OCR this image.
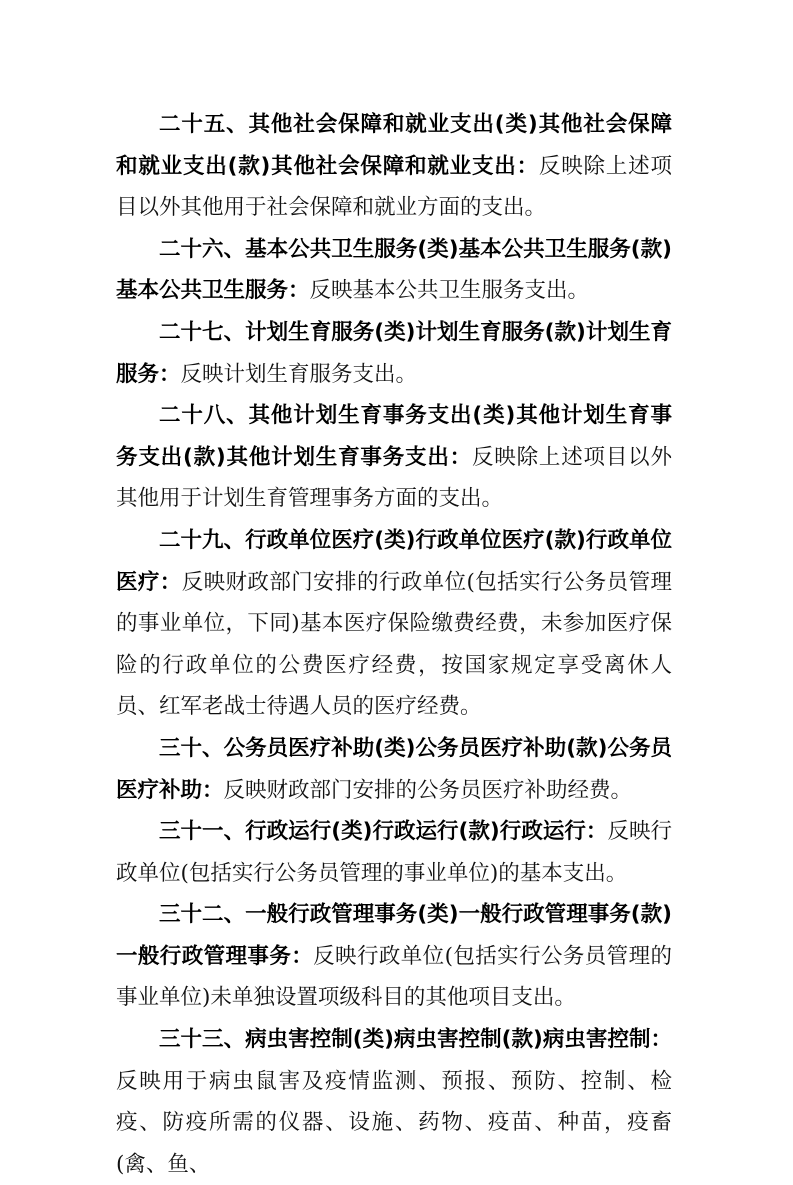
二十五、其他社会保障和就业支出(类)其他社会保障和就业支出(款)其他社会保障和就业支出：反映除上述项目以外其他用于社会保障和就业方面的支出。

二十六、基本公共卫生服务(类)基本公共卫生服务(款)基本公共卫生服务：反映基本公共卫生服务支出。

二十七、计划生育服务(类)计划生育服务(款)计划生育服务：反映计划生育服务支出。

二十八、其他计划生育事务支出(类)其他计划生育事务支出(款)其他计划生育事务支出：反映除上述项目以外其他用于计划生育管理事务方面的支出。

二十九、行政单位医疗(类)行政单位医疗(款)行政单位医疗：反映财政部门安排的行政单位(包括实行公务员管理的事业单位，下同)基本医疗保险缴费经费，未参加医疗保险的行政单位的公费医疗经费，按国家规定享受离休人员、红军老战士待遇人员的医疗经费。

三十、公务员医疗补助(类)公务员医疗补助(款)公务员医疗补助：反映财政部门安排的公务员医疗补助经费。

三十一、行政运行(类)行政运行(款)行政运行：反映行政单位(包括实行公务员管理的事业单位)的基本支出。

三十二、一般行政管理事务(类)一般行政管理事务(款)一般行政管理事务：反映行政单位(包括实行公务员管理的事业单位)未单独设置项级科目的其他项目支出。

三十三、病虫害控制(类)病虫害控制(款)病虫害控制：反映用于病虫鼠害及疫情监测、预报、预防、控制、检疫、防疫所需的仪器、设施、药物、疫苗、种苗，疫畜(禽、鱼、
